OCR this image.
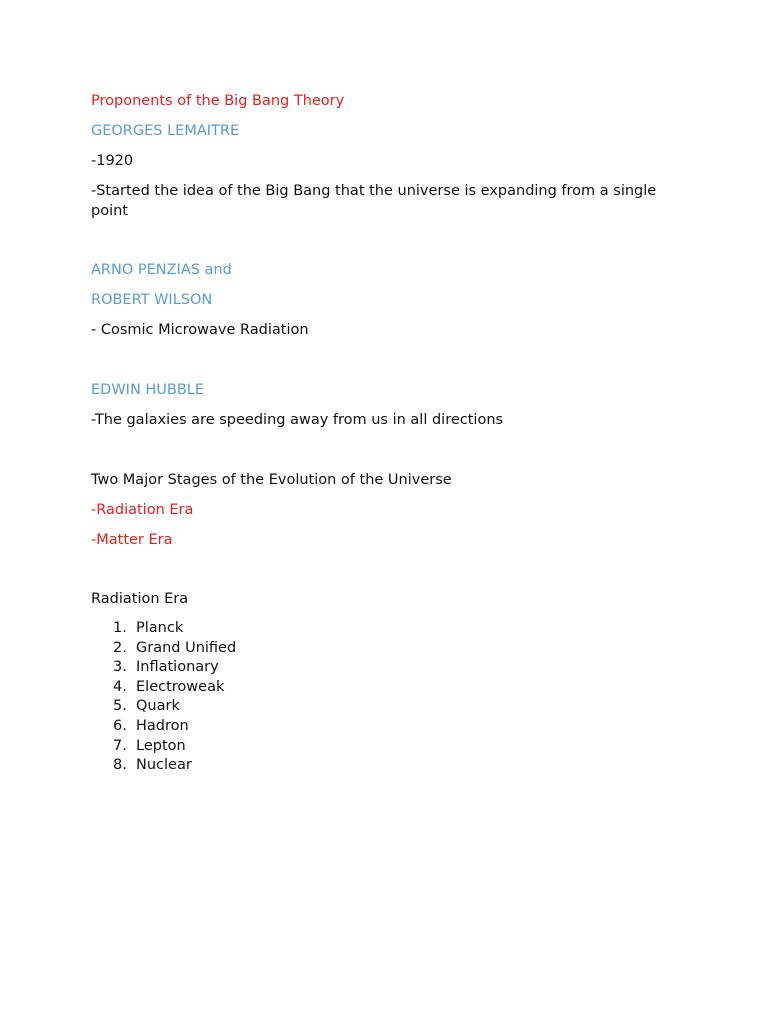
Proponents of the Big Bang Theory
GEORGES LEMAITRE
-1920
-Started the idea of the Big Bang that the universe is expanding from a single point
ARNO PENZIAS and
ROBERT WILSON
- Cosmic Microwave Radiation
EDWIN HUBBLE
-The galaxies are speeding away from us in all directions
Two Major Stages of the Evolution of the Universe
-Radiation Era
-Matter Era
Radiation Era
1. Planck
2. Grand Unified
3. Inflationary
4. Electroweak
5. Quark
6. Hadron
7. Lepton
8. Nuclear
